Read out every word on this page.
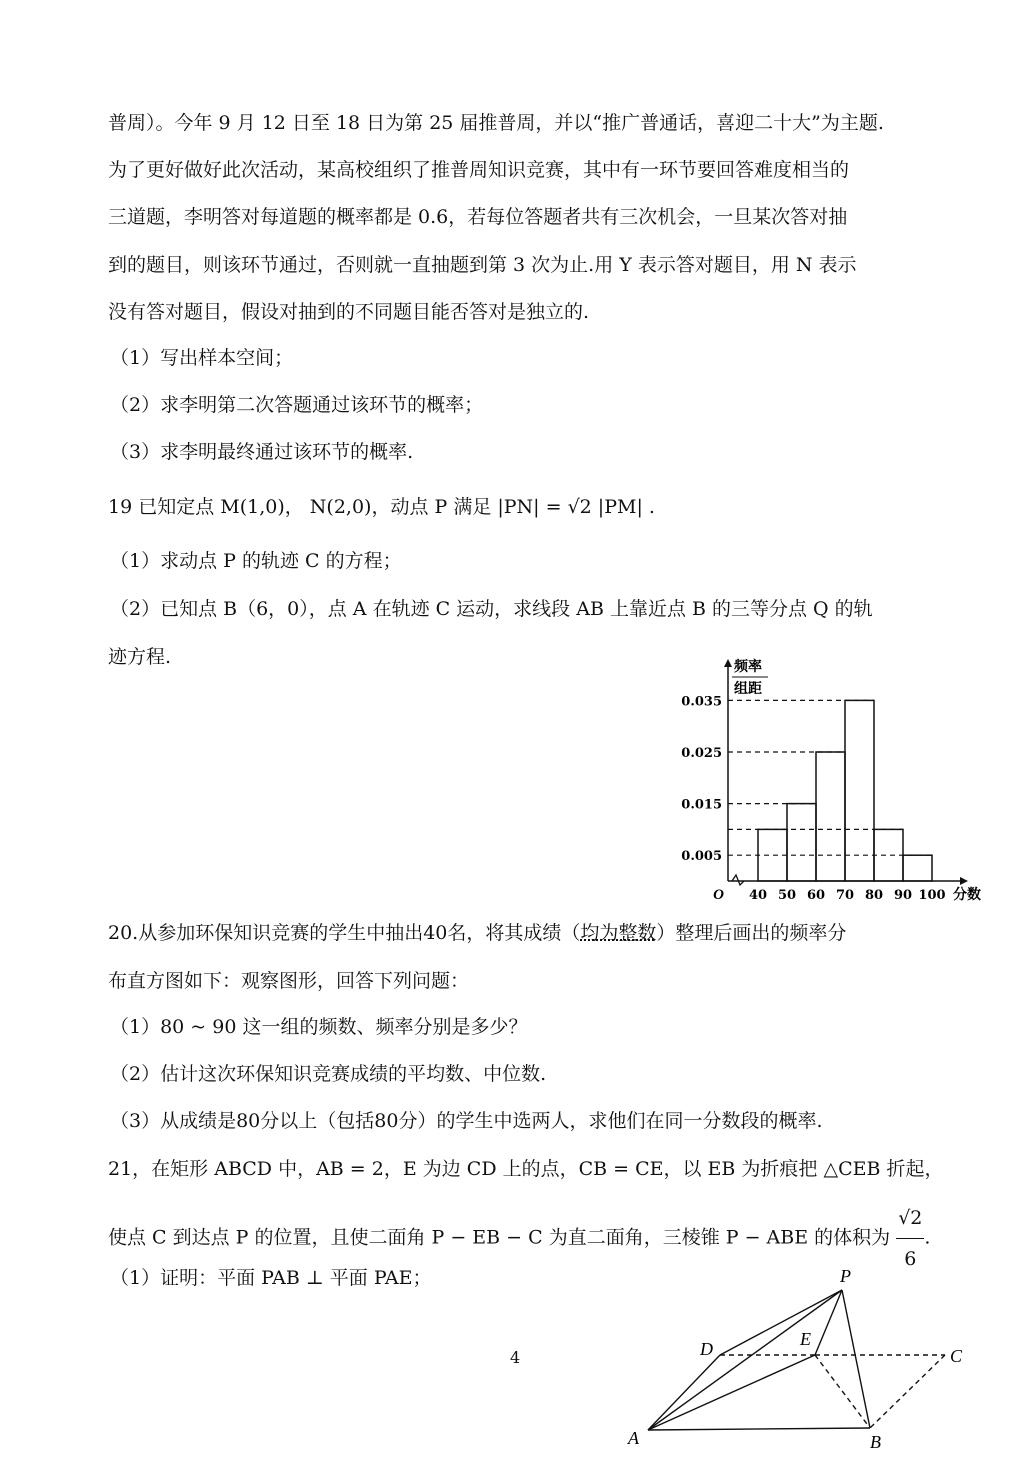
普周）。今年 9 月 12 日至 18 日为第 25 届推普周，并以“推广普通话，喜迎二十大”为主题.
为了更好做好此次活动，某高校组织了推普周知识竞赛，其中有一环节要回答难度相当的
三道题，李明答对每道题的概率都是 0.6，若每位答题者共有三次机会，一旦某次答对抽
到的题目，则该环节通过，否则就一直抽题到第 3 次为止.用 Y 表示答对题目，用 N 表示
没有答对题目，假设对抽到的不同题目能否答对是独立的.
（1）写出样本空间；
（2）求李明第二次答题通过该环节的概率；
（3）求李明最终通过该环节的概率.
19 已知定点 M(1,0)， N(2,0)，动点 P 满足 |PN| = √2 |PM| .
（1）求动点 P 的轨迹 C 的方程；
（2）已知点 B（6，0），点 A 在轨迹 C 运动，求线段 AB 上靠近点 B 的三等分点 Q 的轨
迹方程.	频率
组距
0.005
0.015
0.025
0.035
40 50 60 70 80 90 100
O	分数
20.从参加环保知识竞赛的学生中抽出40名，将其成绩（均为整数）整理后画出的频率分
布直方图如下：观察图形，回答下列问题：
（1）80 ~ 90 这一组的频数、频率分别是多少？
（2）估计这次环保知识竞赛成绩的平均数、中位数.
（3）从成绩是80分以上（包括80分）的学生中选两人，求他们在同一分数段的概率.
21，在矩形 ABCD 中，AB = 2，E 为边 CD 上的点，CB = CE，以 EB 为折痕把 △CEB 折起，
使点 C 到达点 P 的位置，且使二面角 P − EB − C 为直二面角，三棱锥 P − ABE 的体积为 $\frac{√2}{6}$ .
（1）证明：平面 PAB ⊥ 平面 PAE；
4
P
D	E
C
A	B
